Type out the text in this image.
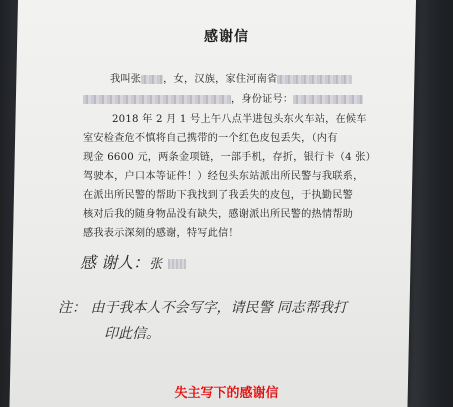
感谢信
我叫张 ，女，汉族，家住河南省
，身份证号：
2018 年 2 月 1 号上午八点半进包头东火车站，在候车
室安检查危不慎将自己携带的一个红色皮包丢失，（内有
现金 6600 元，两条金项链，一部手机，存折，银行卡（4 张）
驾驶本，户口本等证件！）经包头东站派出所民警与我联系，
在派出所民警的帮助下我找到了我丢失的皮包，于执勤民警
核对后我的随身物品没有缺失，感谢派出所民警的热情帮助
感我表示深刻的感谢，特写此信！
感 谢人：张
注： 由于我本人不会写字，请民警 同志帮我打
印此信。
失主写下的感谢信
